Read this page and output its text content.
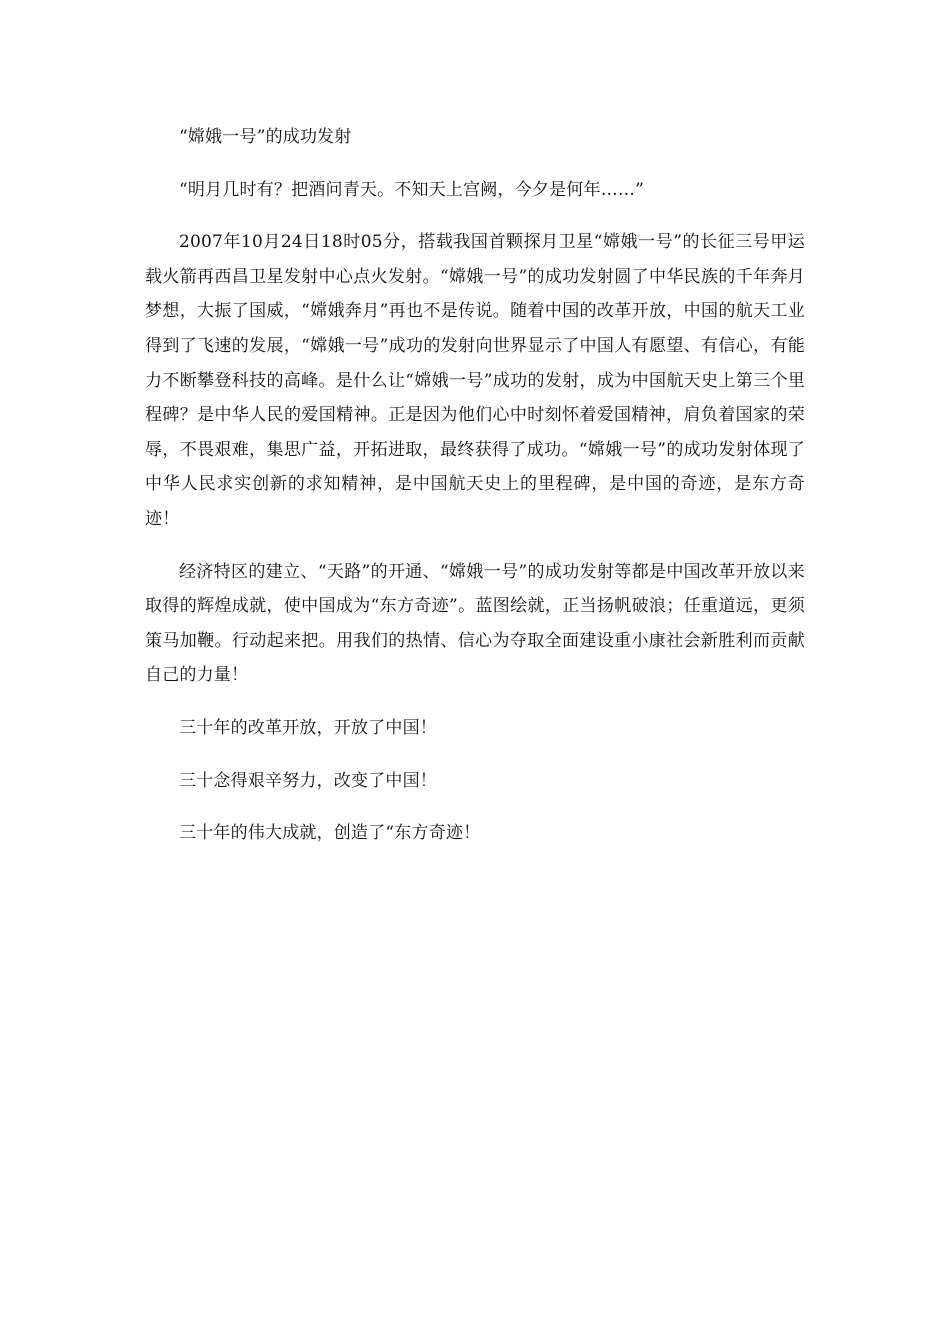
“嫦娥一号”的成功发射

“明月几时有？把酒问青天。不知天上宫阙，今夕是何年……”

2007年10月24日18时05分，搭载我国首颗探月卫星“嫦娥一号”的长征三号甲运载火箭再西昌卫星发射中心点火发射。“嫦娥一号”的成功发射圆了中华民族的千年奔月梦想，大振了国威，“嫦娥奔月”再也不是传说。随着中国的改革开放，中国的航天工业得到了飞速的发展，“嫦娥一号”成功的发射向世界显示了中国人有愿望、有信心，有能力不断攀登科技的高峰。是什么让“嫦娥一号”成功的发射，成为中国航天史上第三个里程碑？是中华人民的爱国精神。正是因为他们心中时刻怀着爱国精神，肩负着国家的荣辱，不畏艰难，集思广益，开拓进取，最终获得了成功。“嫦娥一号”的成功发射体现了中华人民求实创新的求知精神，是中国航天史上的里程碑，是中国的奇迹，是东方奇迹！

经济特区的建立、“天路”的开通、“嫦娥一号”的成功发射等都是中国改革开放以来取得的辉煌成就，使中国成为“东方奇迹”。蓝图绘就，正当扬帆破浪；任重道远，更须策马加鞭。行动起来把。用我们的热情、信心为夺取全面建设重小康社会新胜利而贡献自己的力量！

三十年的改革开放，开放了中国！

三十念得艰辛努力，改变了中国！

三十年的伟大成就，创造了“东方奇迹！
